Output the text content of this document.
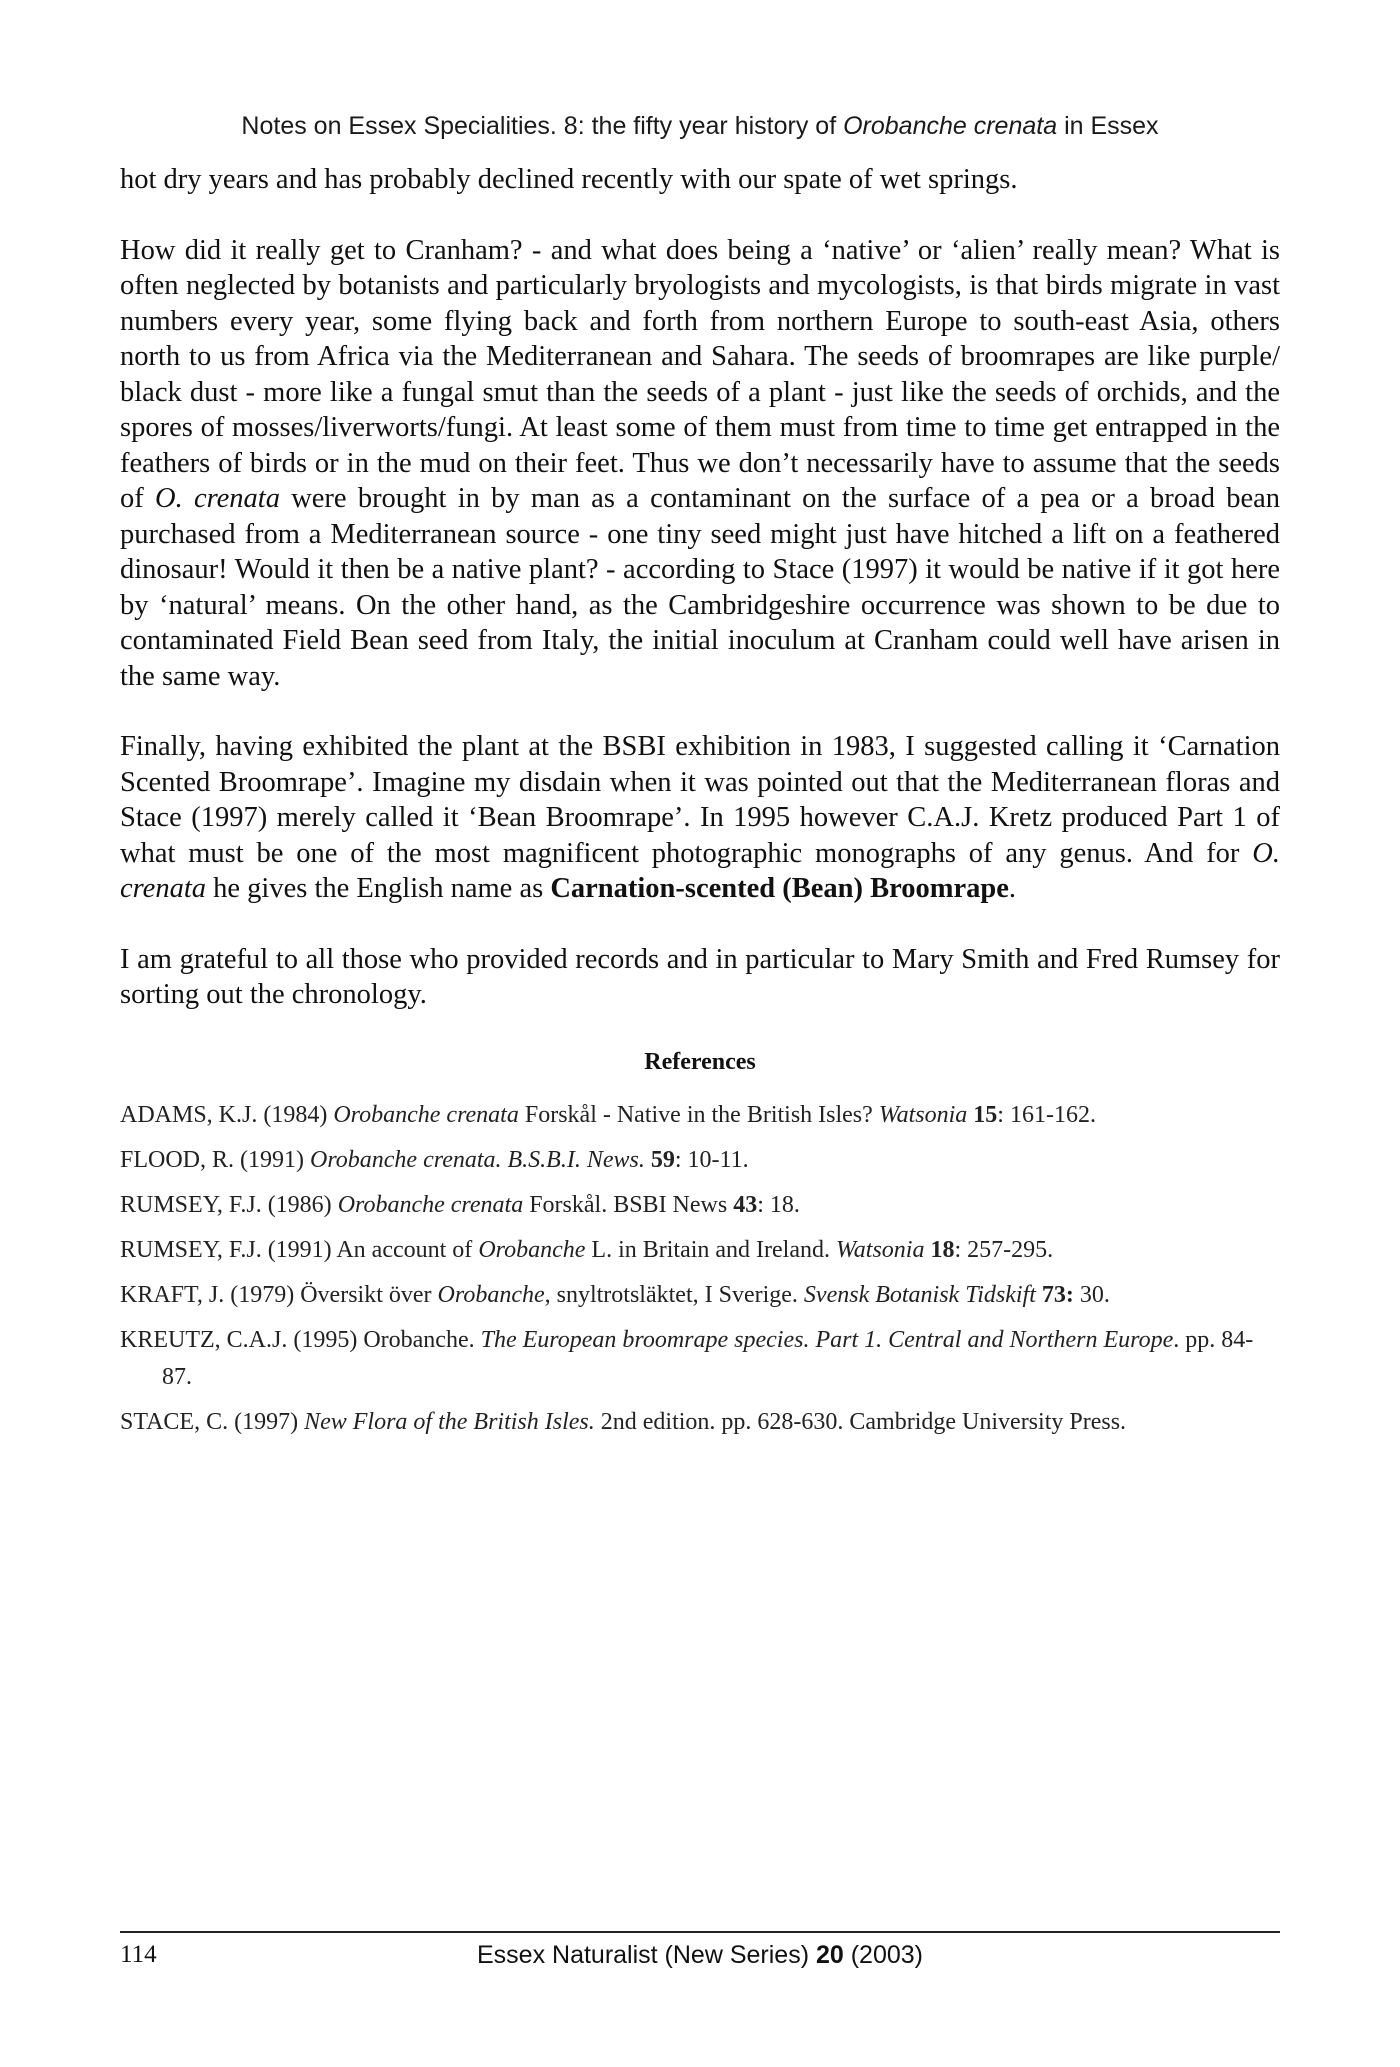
Notes on Essex Specialities. 8: the fifty year history of Orobanche crenata in Essex

hot dry years and has probably declined recently with our spate of wet springs.

How did it really get to Cranham? - and what does being a ‘native’ or ‘alien’ really mean? What is often neglected by botanists and particularly bryologists and mycologists, is that birds migrate in vast numbers every year, some flying back and forth from northern Europe to south-east Asia, others north to us from Africa via the Mediterranean and Sahara. The seeds of broomrapes are like purple/ black dust - more like a fungal smut than the seeds of a plant - just like the seeds of orchids, and the spores of mosses/liverworts/fungi. At least some of them must from time to time get entrapped in the feathers of birds or in the mud on their feet. Thus we don’t necessarily have to assume that the seeds of O. crenata were brought in by man as a contaminant on the surface of a pea or a broad bean purchased from a Mediterranean source - one tiny seed might just have hitched a lift on a feathered dinosaur! Would it then be a native plant? - according to Stace (1997) it would be native if it got here by ‘natural’ means. On the other hand, as the Cambridgeshire occurrence was shown to be due to contaminated Field Bean seed from Italy, the initial inoculum at Cranham could well have arisen in the same way.

Finally, having exhibited the plant at the BSBI exhibition in 1983, I suggested calling it ‘Carnation Scented Broomrape’. Imagine my disdain when it was pointed out that the Mediterranean floras and Stace (1997) merely called it ‘Bean Broomrape’. In 1995 however C.A.J. Kretz produced Part 1 of what must be one of the most magnificent photographic monographs of any genus. And for O. crenata he gives the English name as Carnation-scented (Bean) Broomrape.

I am grateful to all those who provided records and in particular to Mary Smith and Fred Rumsey for sorting out the chronology.

References
ADAMS, K.J. (1984) Orobanche crenata Forskål - Native in the British Isles? Watsonia 15: 161-162.
FLOOD, R. (1991) Orobanche crenata. B.S.B.I. News. 59: 10-11.
RUMSEY, F.J. (1986) Orobanche crenata Forskål. BSBI News 43: 18.
RUMSEY, F.J. (1991) An account of Orobanche L. in Britain and Ireland. Watsonia 18: 257-295.
KRAFT, J. (1979) Översikt över Orobanche, snyltrotsläktet, I Sverige. Svensk Botanisk Tidskift 73: 30.
KREUTZ, C.A.J. (1995) Orobanche. The European broomrape species. Part 1. Central and Northern Europe. pp. 84-87.
STACE, C. (1997) New Flora of the British Isles. 2nd edition. pp. 628-630. Cambridge University Press.
114	Essex Naturalist (New Series) 20 (2003)
